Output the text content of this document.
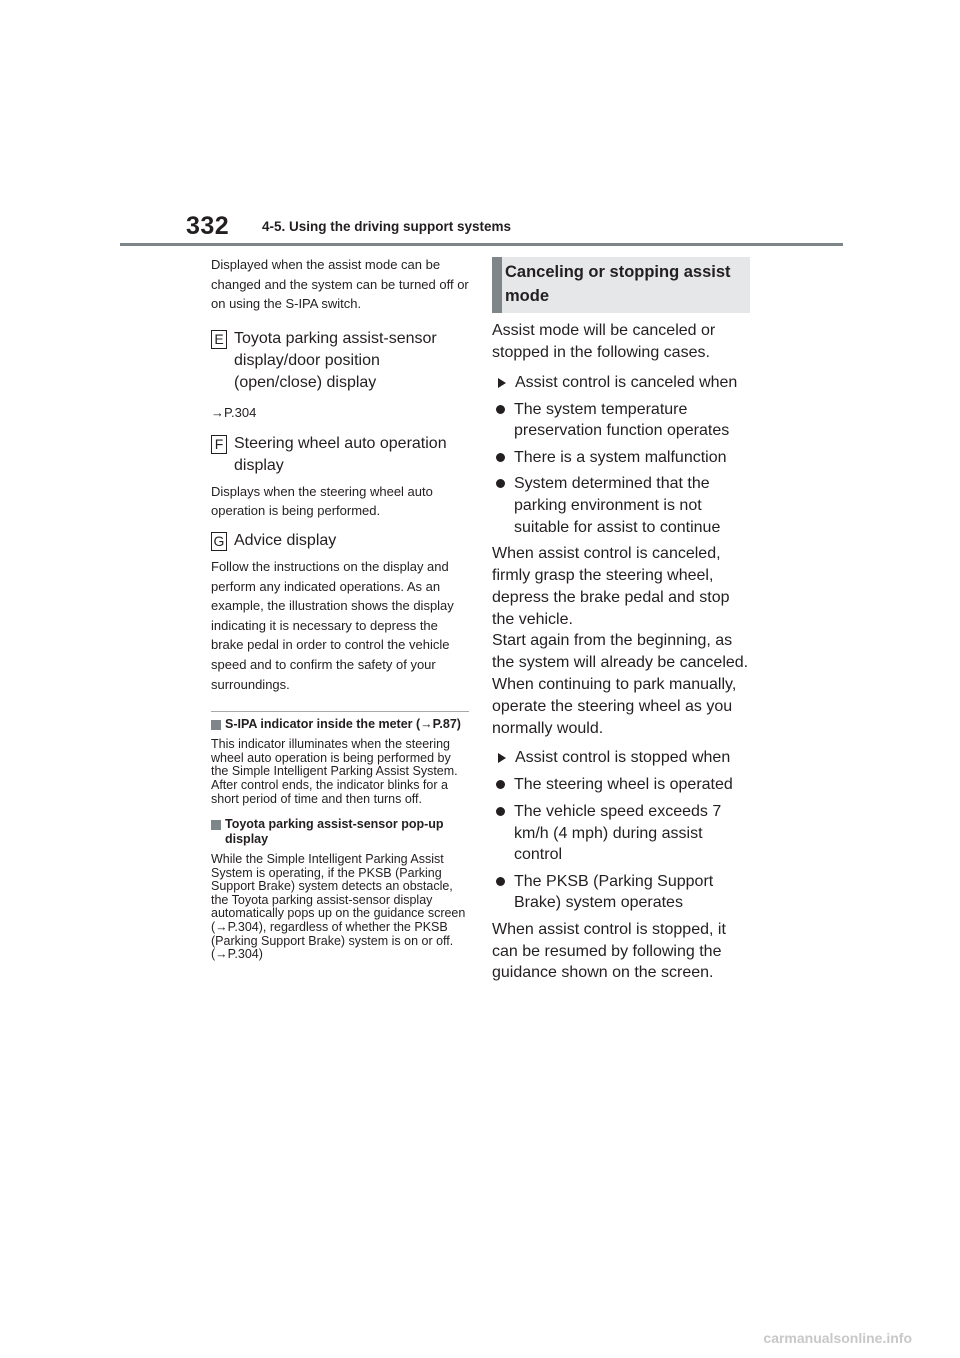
332 4-5. Using the driving support systems

Displayed when the assist mode can be changed and the system can be turned off or on using the S-IPA switch.

E Toyota parking assist-sensor display/door position (open/close) display

→P.304

F Steering wheel auto operation display

Displays when the steering wheel auto operation is being performed.

G Advice display

Follow the instructions on the display and perform any indicated operations. As an example, the illustration shows the display indicating it is necessary to depress the brake pedal in order to control the vehicle speed and to confirm the safety of your surroundings.

S-IPA indicator inside the meter (→P.87)

This indicator illuminates when the steering wheel auto operation is being performed by the Simple Intelligent Parking Assist System. After control ends, the indicator blinks for a short period of time and then turns off.

Toyota parking assist-sensor pop-up display

While the Simple Intelligent Parking Assist System is operating, if the PKSB (Parking Support Brake) system detects an obstacle, the Toyota parking assist-sensor display automatically pops up on the guidance screen (→P.304), regardless of whether the PKSB (Parking Support Brake) system is on or off. (→P.304)

Canceling or stopping assist mode

Assist mode will be canceled or stopped in the following cases.

Assist control is canceled when
The system temperature preservation function operates
There is a system malfunction
System determined that the parking environment is not suitable for assist to continue

When assist control is canceled, firmly grasp the steering wheel, depress the brake pedal and stop the vehicle.

Start again from the beginning, as the system will already be canceled. When continuing to park manually, operate the steering wheel as you normally would.

Assist control is stopped when
The steering wheel is operated
The vehicle speed exceeds 7 km/h (4 mph) during assist control
The PKSB (Parking Support Brake) system operates

When assist control is stopped, it can be resumed by following the guidance shown on the screen.

carmanualsonline.info
